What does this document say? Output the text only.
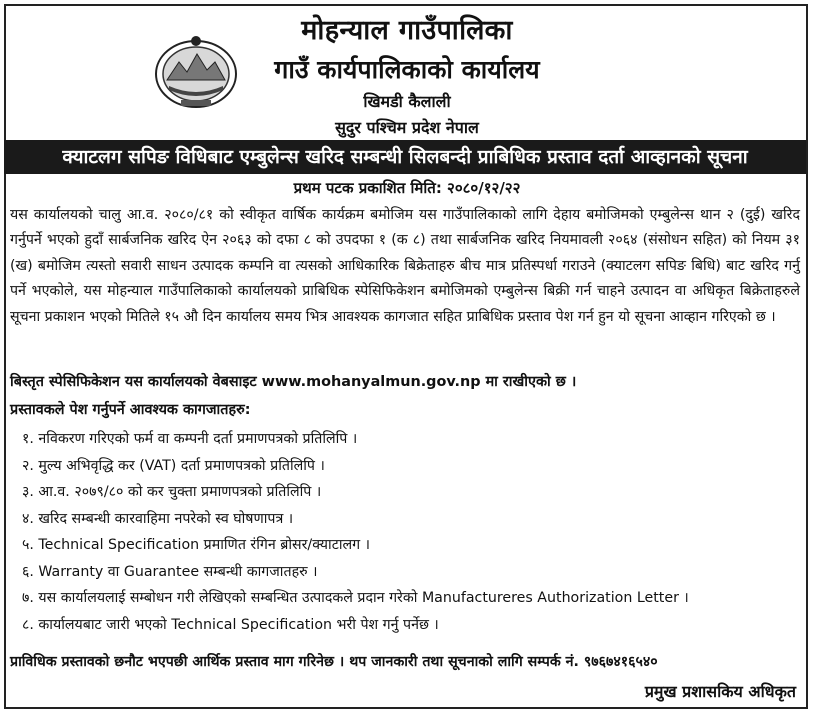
मोहन्याल गाउँपालिका
गाउँ कार्यपालिकाको कार्यालय
खिमडी कैलाली
सुदुर पश्चिम प्रदेश नेपाल
क्याटलग सपिङ विधिबाट एम्बुलेन्स खरिद सम्बन्धी सिलबन्दी प्राबिधिक प्रस्ताव दर्ता आव्हानको सूचना
प्रथम पटक प्रकाशित मिति: २०८०/१२/२२
यस कार्यालयको चालु आ.व. २०८०/८१ को स्वीकृत वार्षिक कार्यक्रम बमोजिम यस गाउँपालिकाको लागि देहाय बमोजिमको एम्बुलेन्स थान २ (दुई) खरिद गर्नुपर्ने भएको हुदाँ सार्बजनिक खरिद ऐन २०६३ को दफा ८ को उपदफा १ (क ८) तथा सार्बजनिक खरिद नियमावली २०६४ (संसोधन सहित) को नियम ३१ (ख) बमोजिम त्यस्तो सवारी साधन उत्पादक कम्पनि वा त्यसको आधिकारिक बिक्रेताहरु बीच मात्र प्रतिस्पर्धा गराउने (क्याटलग सपिङ बिधि) बाट खरिद गर्नु पर्ने भएकोले, यस मोहन्याल गाउँपालिकाको कार्यालयको प्राबिधिक स्पेसिफिकेशन बमोजिमको एम्बुलेन्स बिक्री गर्न चाहने उत्पादन वा अधिकृत बिक्रेताहरुले सूचना प्रकाशन भएको मितिले १५ औ दिन कार्यालय समय भित्र आवश्यक कागजात सहित प्राबिधिक प्रस्ताव पेश गर्न हुन यो सूचना आव्हान गरिएको छ ।
बिस्तृत स्पेसिफिकेशन यस कार्यालयको वेबसाइट www.mohanyalmun.gov.np मा राखीएको छ ।
प्रस्तावकले पेश गर्नुपर्ने आवश्यक कागजातहरु:
१. नविकरण गरिएको फर्म वा कम्पनी दर्ता प्रमाणपत्रको प्रतिलिपि ।
२. मुल्य अभिवृद्धि कर (VAT) दर्ता प्रमाणपत्रको प्रतिलिपि ।
३. आ.व. २०७९/८० को कर चुक्ता प्रमाणपत्रको प्रतिलिपि ।
४. खरिद सम्बन्धी कारवाहिमा नपरेको स्व घोषणापत्र ।
५. Technical Specification प्रमाणित रंगिन ब्रोसर/क्याटालग ।
६. Warranty वा Guarantee सम्बन्धी कागजातहरु ।
७. यस कार्यालयलाई सम्बोधन गरी लेखिएको सम्बन्धित उत्पादकले प्रदान गरेको Manufactureres Authorization Letter ।
८. कार्यालयबाट जारी भएको Technical Specification भरी पेश गर्नु पर्नेछ ।
प्राविधिक प्रस्तावको छनौट भएपछी आर्थिक प्रस्ताव माग गरिनेछ । थप जानकारी तथा सूचनाको लागि सम्पर्क नं. ९७६७४१६५४०
प्रमुख प्रशासकिय अधिकृत
